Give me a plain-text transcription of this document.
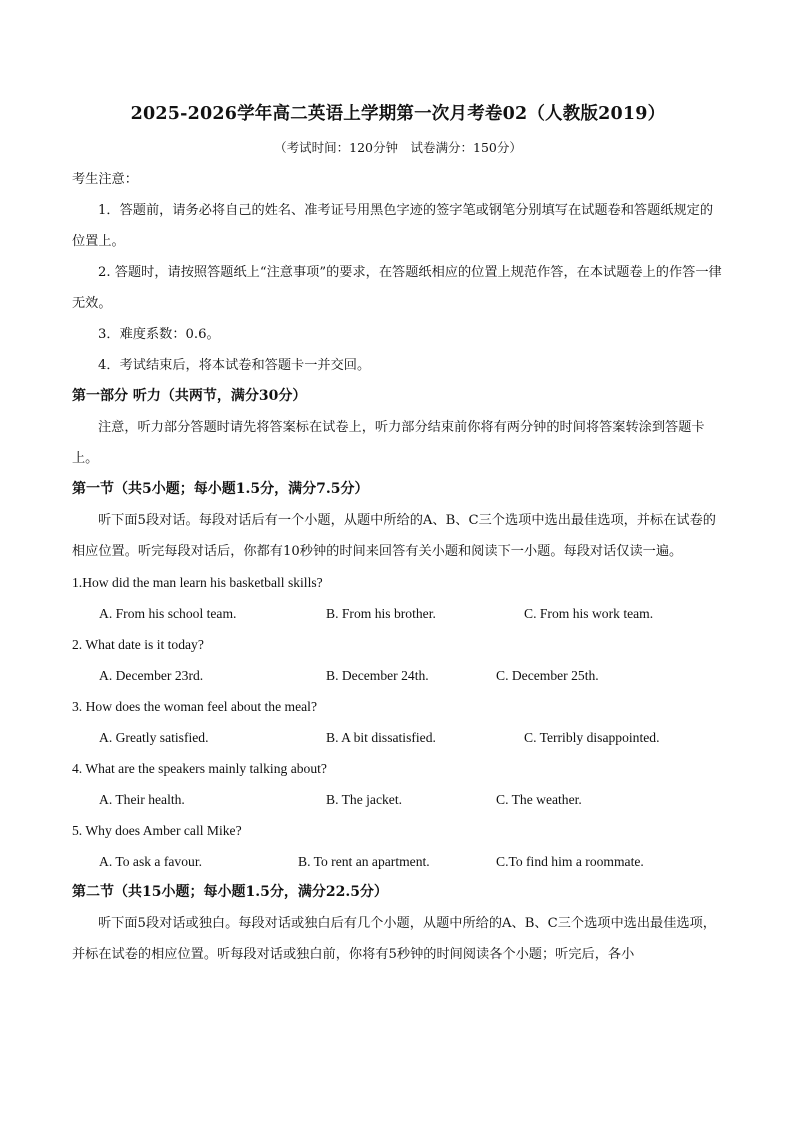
2025-2026学年高二英语上学期第一次月考卷02（人教版2019）
（考试时间：120分钟　试卷满分：150分）
考生注意：
1．答题前，请务必将自己的姓名、准考证号用黑色字迹的签字笔或钢笔分别填写在试题卷和答题纸规定的位置上。
2. 答题时，请按照答题纸上“注意事项”的要求，在答题纸相应的位置上规范作答，在本试题卷上的作答一律无效。
3．难度系数：0.6。
4．考试结束后，将本试卷和答题卡一并交回。
第一部分 听力（共两节，满分30分）
注意，听力部分答题时请先将答案标在试卷上，听力部分结束前你将有两分钟的时间将答案转涂到答题卡上。
第一节（共5小题；每小题1.5分，满分7.5分）
听下面5段对话。每段对话后有一个小题，从题中所给的A、B、C三个选项中选出最佳选项，并标在试卷的相应位置。听完每段对话后，你都有10秒钟的时间来回答有关小题和阅读下一小题。每段对话仅读一遍。
1.How did the man learn his basketball skills?
A. From his school team.	B. From his brother.	C. From his work team.
2. What date is it today?
A. December 23rd.	B. December 24th.	C. December 25th.
3. How does the woman feel about the meal?
A. Greatly satisfied.	B. A bit dissatisfied.	C. Terribly disappointed.
4. What are the speakers mainly talking about?
A. Their health.	B. The jacket.	C. The weather.
5. Why does Amber call Mike?
A. To ask a favour.	B. To rent an apartment.	C.To find him a roommate.
第二节（共15小题；每小题1.5分，满分22.5分）
听下面5段对话或独白。每段对话或独白后有几个小题，从题中所给的A、B、C三个选项中选出最佳选项，并标在试卷的相应位置。听每段对话或独白前，你将有5秒钟的时间阅读各个小题；听完后，各小
